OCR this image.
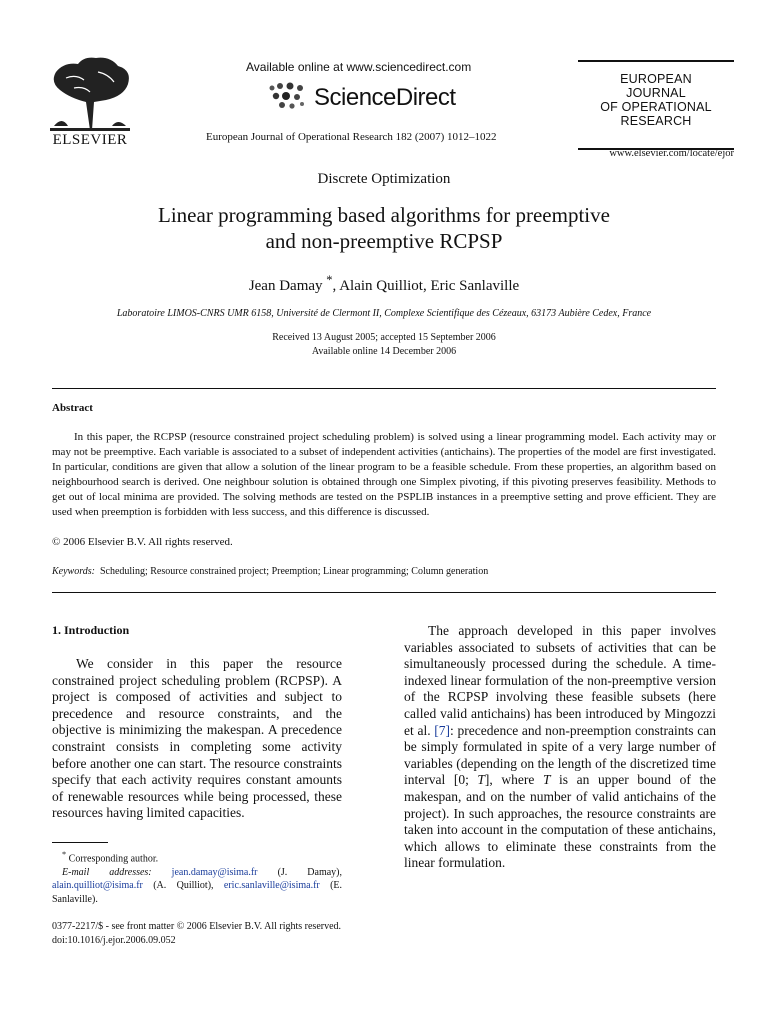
ELSEVIER
Available online at www.sciencedirect.com
ScienceDirect
European Journal of Operational Research 182 (2007) 1012–1022
EUROPEAN
JOURNAL
OF OPERATIONAL
RESEARCH
www.elsevier.com/locate/ejor
Discrete Optimization
Linear programming based algorithms for preemptive
and non-preemptive RCPSP
Jean Damay *, Alain Quilliot, Eric Sanlaville
Laboratoire LIMOS-CNRS UMR 6158, Université de Clermont II, Complexe Scientifique des Cézeaux, 63173 Aubière Cedex, France
Received 13 August 2005; accepted 15 September 2006
Available online 14 December 2006
Abstract

In this paper, the RCPSP (resource constrained project scheduling problem) is solved using a linear programming model. Each activity may or may not be preemptive. Each variable is associated to a subset of independent activities (antichains). The properties of the model are first investigated. In particular, conditions are given that allow a solution of the linear program to be a feasible schedule. From these properties, an algorithm based on neighbourhood search is derived. One neighbour solution is obtained through one Simplex pivoting, if this pivoting preserves feasibility. Methods to get out of local minima are provided. The solving methods are tested on the PSPLIB instances in a preemptive setting and prove efficient. They are used when preemption is forbidden with less success, and this difference is discussed.

© 2006 Elsevier B.V. All rights reserved.
Keywords: Scheduling; Resource constrained project; Preemption; Linear programming; Column generation
1. Introduction

We consider in this paper the resource constrained project scheduling problem (RCPSP). A project is composed of activities and subject to precedence and resource constraints, and the objective is minimizing the makespan. A precedence constraint consists in completing some activity before another one can start. The resource constraints specify that each activity requires constant amounts of renewable resources while being processed, these resources having limited capacities.

The approach developed in this paper involves variables associated to subsets of activities that can be simultaneously processed during the schedule. A time-indexed linear formulation of the non-preemptive version of the RCPSP involving these feasible subsets (here called valid antichains) has been introduced by Mingozzi et al. [7]: precedence and non-preemption constraints can be simply formulated in spite of a very large number of variables (depending on the length of the discretized time interval [0; T], where T is an upper bound of the makespan, and on the number of valid antichains of the project). In such approaches, the resource constraints are taken into account in the computation of these antichains, which allows to eliminate these constraints from the linear formulation.

* Corresponding author.

E-mail addresses: jean.damay@isima.fr (J. Damay), alain.quilliot@isima.fr (A. Quilliot), eric.sanlaville@isima.fr (E. Sanlaville).

0377-2217/$ - see front matter © 2006 Elsevier B.V. All rights reserved.
doi:10.1016/j.ejor.2006.09.052
